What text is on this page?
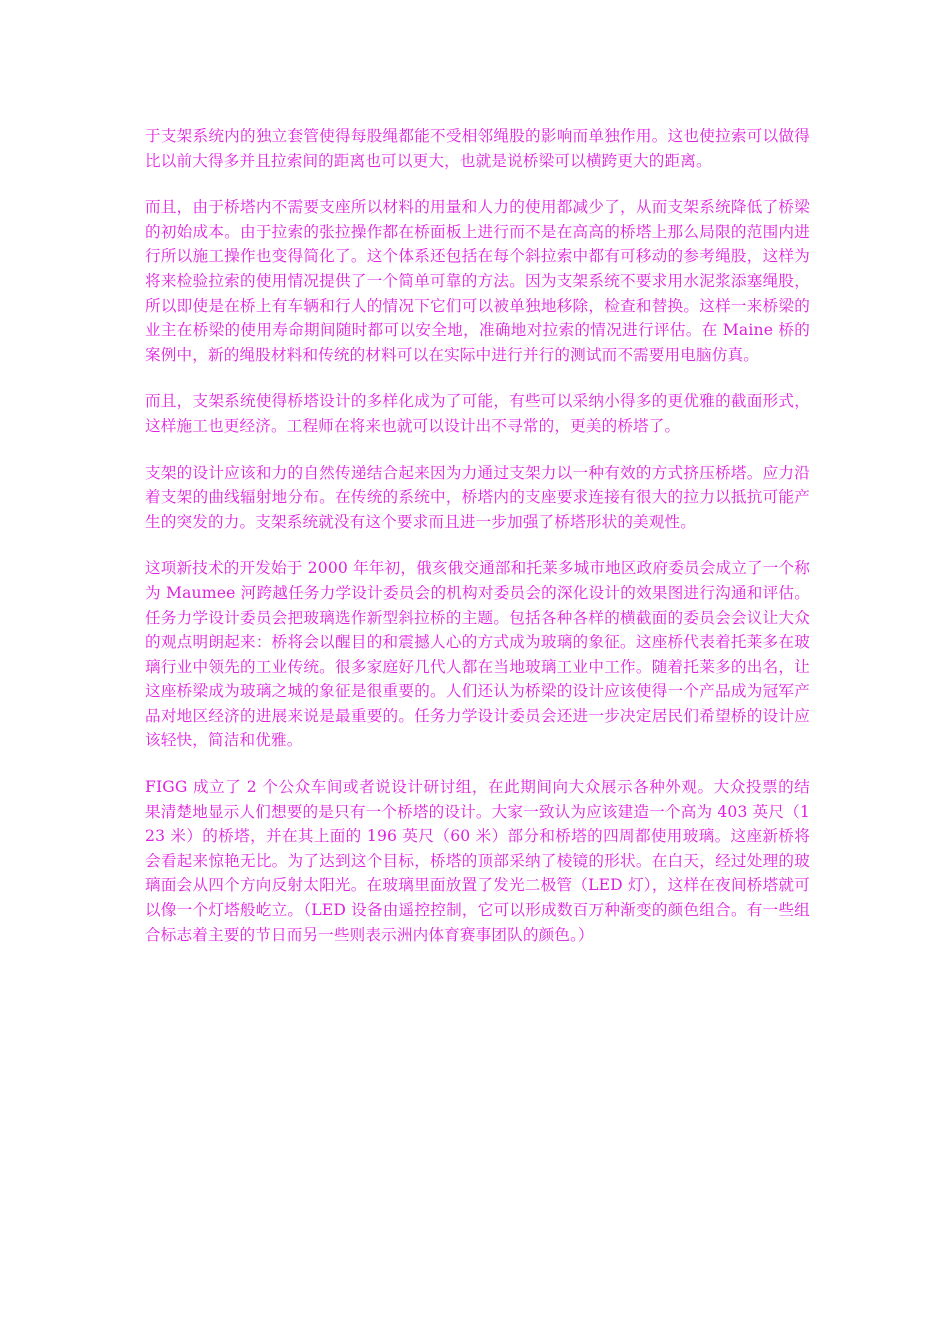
于支架系统内的独立套管使得每股绳都能不受相邻绳股的影响而单独作用。这也使拉索可以做得比以前大得多并且拉索间的距离也可以更大，也就是说桥梁可以横跨更大的距离。

而且，由于桥塔内不需要支座所以材料的用量和人力的使用都减少了，从而支架系统降低了桥梁的初始成本。由于拉索的张拉操作都在桥面板上进行而不是在高高的桥塔上那么局限的范围内进行所以施工操作也变得简化了。这个体系还包括在每个斜拉索中都有可移动的参考绳股，这样为将来检验拉索的使用情况提供了一个简单可靠的方法。因为支架系统不要求用水泥浆添塞绳股，所以即使是在桥上有车辆和行人的情况下它们可以被单独地移除，检查和替换。这样一来桥梁的业主在桥梁的使用寿命期间随时都可以安全地，准确地对拉索的情况进行评估。在 Maine 桥的案例中，新的绳股材料和传统的材料可以在实际中进行并行的测试而不需要用电脑仿真。

而且，支架系统使得桥塔设计的多样化成为了可能，有些可以采纳小得多的更优雅的截面形式，这样施工也更经济。工程师在将来也就可以设计出不寻常的，更美的桥塔了。

支架的设计应该和力的自然传递结合起来因为力通过支架力以一种有效的方式挤压桥塔。应力沿着支架的曲线辐射地分布。在传统的系统中，桥塔内的支座要求连接有很大的拉力以抵抗可能产生的突发的力。支架系统就没有这个要求而且进一步加强了桥塔形状的美观性。

这项新技术的开发始于 2000 年年初，俄亥俄交通部和托莱多城市地区政府委员会成立了一个称为 Maumee 河跨越任务力学设计委员会的机构对委员会的深化设计的效果图进行沟通和评估。任务力学设计委员会把玻璃选作新型斜拉桥的主题。包括各种各样的横截面的委员会会议让大众的观点明朗起来：桥将会以醒目的和震撼人心的方式成为玻璃的象征。这座桥代表着托莱多在玻璃行业中领先的工业传统。很多家庭好几代人都在当地玻璃工业中工作。随着托莱多的出名，让这座桥梁成为玻璃之城的象征是很重要的。人们还认为桥梁的设计应该使得一个产品成为冠军产品对地区经济的进展来说是最重要的。任务力学设计委员会还进一步决定居民们希望桥的设计应该轻快，简洁和优雅。

FIGG 成立了 2 个公众车间或者说设计研讨组，在此期间向大众展示各种外观。大众投票的结果清楚地显示人们想要的是只有一个桥塔的设计。大家一致认为应该建造一个高为 403 英尺（123 米）的桥塔，并在其上面的 196 英尺（60 米）部分和桥塔的四周都使用玻璃。这座新桥将会看起来惊艳无比。为了达到这个目标，桥塔的顶部采纳了棱镜的形状。在白天，经过处理的玻璃面会从四个方向反射太阳光。在玻璃里面放置了发光二极管（LED 灯），这样在夜间桥塔就可以像一个灯塔般屹立。（LED 设备由遥控控制，它可以形成数百万种渐变的颜色组合。有一些组合标志着主要的节日而另一些则表示洲内体育赛事团队的颜色。）
